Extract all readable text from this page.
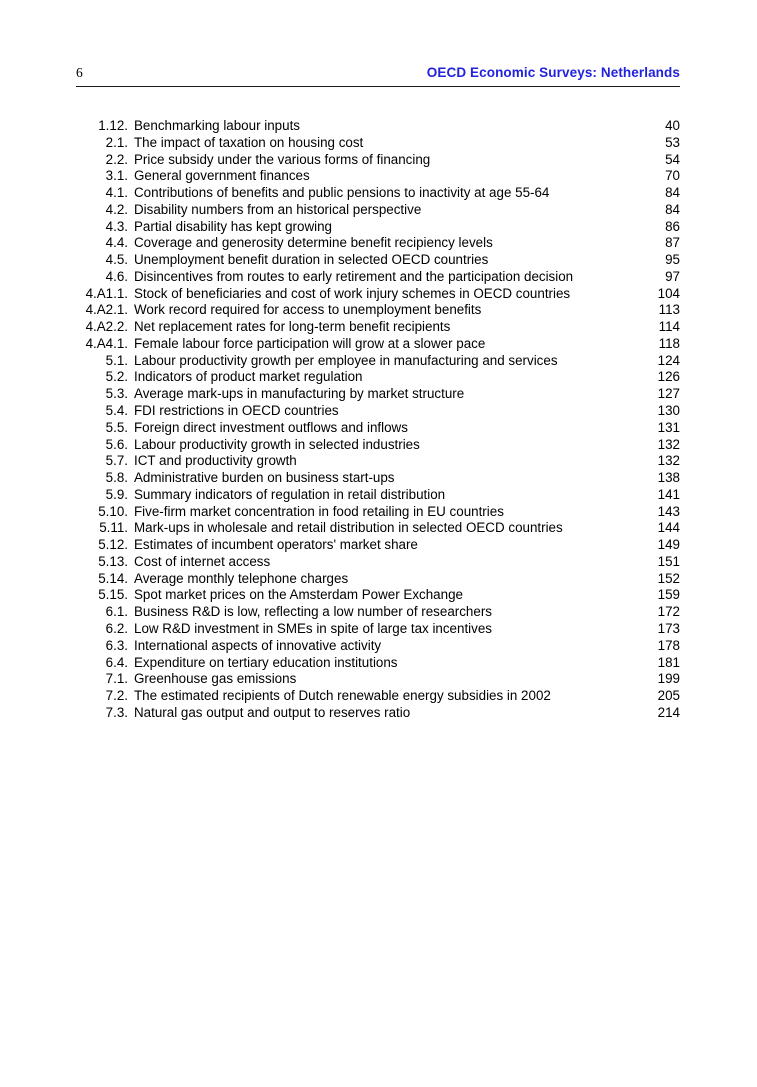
6	OECD Economic Surveys: Netherlands
1.12. Benchmarking labour inputs	40
2.1. The impact of taxation on housing cost	53
2.2. Price subsidy under the various forms of financing	54
3.1. General government finances	70
4.1. Contributions of benefits and public pensions to inactivity at age 55-64	84
4.2. Disability numbers from an historical perspective	84
4.3. Partial disability has kept growing	86
4.4. Coverage and generosity determine benefit recipiency levels	87
4.5. Unemployment benefit duration in selected OECD countries	95
4.6. Disincentives from routes to early retirement and the participation decision	97
4.A1.1. Stock of beneficiaries and cost of work injury schemes in OECD countries	104
4.A2.1. Work record required for access to unemployment benefits	113
4.A2.2. Net replacement rates for long-term benefit recipients	114
4.A4.1. Female labour force participation will grow at a slower pace	118
5.1. Labour productivity growth per employee in manufacturing and services	124
5.2. Indicators of product market regulation	126
5.3. Average mark-ups in manufacturing by market structure	127
5.4. FDI restrictions in OECD countries	130
5.5. Foreign direct investment outflows and inflows	131
5.6. Labour productivity growth in selected industries	132
5.7. ICT and productivity growth	132
5.8. Administrative burden on business start-ups	138
5.9. Summary indicators of regulation in retail distribution	141
5.10. Five-firm market concentration in food retailing in EU countries	143
5.11. Mark-ups in wholesale and retail distribution in selected OECD countries	144
5.12. Estimates of incumbent operators' market share	149
5.13. Cost of internet access	151
5.14. Average monthly telephone charges	152
5.15. Spot market prices on the Amsterdam Power Exchange	159
6.1. Business R&D is low, reflecting a low number of researchers	172
6.2. Low R&D investment in SMEs in spite of large tax incentives	173
6.3. International aspects of innovative activity	178
6.4. Expenditure on tertiary education institutions	181
7.1. Greenhouse gas emissions	199
7.2. The estimated recipients of Dutch renewable energy subsidies in 2002	205
7.3. Natural gas output and output to reserves ratio	214
